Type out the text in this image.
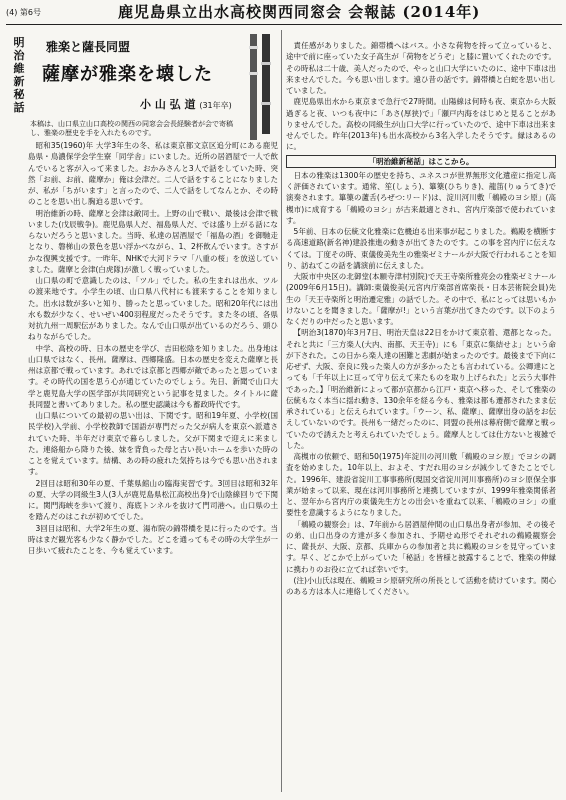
(4) 第6号	鹿児島県立出水高校関西同窓会 会報誌 (2014年)
明
治
維
新
秘
話
雅楽と薩長同盟
薩摩が雅楽を壊した
小 山 弘 道 (31年卒)
本稿は、山口県立山口高校の関西の同窓会会長経験者が会で寄稿し、雅楽の歴史を手を入れたものです。

昭和35(1960)年 大学3年生の冬、私は東京都文京区追分町にある鹿児島県・鳥濃保学会学生寮「同学舎」にいました。近所の居酒屋で一人で飲んでいると客が入って来ました。おかみさんと3人で話をしていた時、突然「お前、お前、薩摩か」俺は会津だ。二人で話をすることになりましたが、私が「ちがいます」と言ったので、二人で話をしてなんとか、その時のことを思い出し胸迫る思いです。

明治維新の時、薩摩と会津は敵同士。上野の山で戦い、最後は会津で戦いました(戊辰戦争)。鹿児島県人だ、福島県人だ、では盛り上がる話にならないだろうと思いました。当時、私達の居酒屋で「福島の酒」を御馳走となり、磐梯山の景色を思い浮かべながら、1、2杯飲んでいます。さすがかな復興支援です。一昨年、NHKで大河ドラマ「八重の桜」を放送していました。薩摩と会津(白虎隊)が激しく戦っていました。

山口県の町で意識したのは、「ツル」でした。私の生まれは出水、ツルの渡来地です。小学生の頃、山口県八代村にも渡来することを知りました。出水は数が多いと知り、勝ったと思っていました。昭和20年代には出水も数が少なく、せいぜい400羽程度だったそうです。また冬の頃、各県対抗九州一周駅伝がありました。なんで山口県が出ているのだろう、頭ひねりながらでした。

中学、高校の時、日本の歴史を学び、吉田松陰を知りました。出身地は山口県ではなく、長州。薩摩は、西郷隆盛。日本の歴史を変えた薩摩と長州は京都で戦っています。あれでは京都と西郷が敵であったと思っています。その時代の国を思う心が通じていたのでしょう。先日、新聞で山口大学と鹿児島大学の医学部が共同研究という記事を見ました。タイトルに薩長同盟と書いてありました。私の歴史認識は今も蓄政時代です。

山口県についての最初の思い出は、下関です。昭和19年夏、小学校(国民学校)入学前、小学校教師で国語が専門だった父が病人を東京へ派遣されていた時、半年だけ東京で暮らしました。父が下関まで迎えに来ました。連絡船から降りた後、妹を背負った母と古い長いホームを歩いた時のことを覚えています。結構、あの時の疲れた気持ちは今でも思い出されます。

2回目は昭和30年の夏、千葉県館山の臨海実習です。3回目は昭和32年の夏、大学の同級生3人(3人が鹿児島県松江高校出身)で山陰線回りで下関に。関門海峡を歩いて渡り、海底トンネルを抜けて門司港へ。山口県の土を踏んだのはこれが初めてでした。

3回目は昭和、大学2年生の夏、湯布院の錦帯橋を見に行ったのです。当時はまだ観光客も少なく静かでした。どこを通ってもその時の大学生が一日歩いて疲れたことを、今も覚えています。

責任感がありました。錦帯橋へはバス。小さな荷物を持って立っていると、途中で前に座っていた女子高生が「荷物をどうぞ」と膝に置いてくれたのです。その時私は二十歳、美人だったので、やっと山口大学にいたのに、途中下車は出来ませんでした。今も思い出します。遠ひ昔の話です。錦帯橋と白蛇を思い出していました。

鹿児島県出水から東京まで急行で27時間。山陽線は何時も夜、東京から大阪過ぎると夜、いつも夜中に「あさ(厚狭)で」「瀬戸内海をはじめと見ることがありませんでした。高校の同級生が山口大学に行っていたので、途中下車は出来ませんでした。昨年(2013年)も出水高校から3名入学したそうです。縁はあるのに。

「明治維新秘話」はここから。

日本の雅楽は1300年の歴史を持ち、ユネスコが世界無形文化遺産に指定し高く評価されています。通常、笙(しょう)、篳篥(ひちりき)、龍笛(りゅうてき)で演奏されます。篳篥の蘆舌(ろぜつ:リード)は、淀川河川敷「鵜殿のヨシ原」(高槻市)に成育する「鵜殿のヨシ」が古来最適とされ、宮内庁楽部で使われています。

5年前、日本の伝統文化雅楽に危機迫る出来事が起こりました。鵜殿を横断する高速道路(新名神)建設推進の動きが出てきたのです。この事を宮内庁に伝えなくては。丁度その時、東儀俊美先生の雅楽ゼミナールが大阪で行われることを知り、訪ねてこの話を講演前に伝えました。

大阪市中央区の北御堂(本願寺津村別院)で天王寺楽所雅亮会の雅楽ゼミナール(2009年6月15日)。講師:東儀俊美(元宮内庁楽部首席楽長・日本芸術院会員)先生の「天王寺楽所と明治遷定雅」の話でした。その中で、私にとっては思いもかけないことを聞きました。「薩摩が!」という言葉が出てきたのです。以下のようなくだりの中だったと思います。

【明治3(1870)年3月7日、明治天皇は22日をかけて東京着、還都となった。それと共に「三方楽人(大内、南都、天王寺)」にも「東京に集結せよ」という命が下された。この日から楽人達の困難と悲劇が始まったのです。最後まで下向に応ぜず、大阪、奈良に残った楽人の方が多かったとも言われている。公卿達にとっても「千年以上に亘って守り伝えて来たものを取り上げられた」と云う大事件であった。】「明治維新によって都が京都から江戸・東京へ移った、そして雅楽の伝統もなく本当に揺れ動き、130余年を経る今も、雅楽は都も遷都されたまま伝承されている」と伝えられています。「ウーン、私、薩摩」、薩摩出身の話をお伝えしていないのです。長州も一緒だったのに、同盟の長州は幕府側で薩摩と戦っていたので誘えたと考えられていたでしょう。薩摩人としては仕方ないと複雑でした。

高槻市の依頼で、昭和50(1975)年淀川の河川敷「鵜殿のヨシ原」でヨシの調査を始めました。10年以上、およそ、すだれ用のヨシが減少してきたことでした。1996年、建設省淀川工事事務所(現国交省淀川河川事務所)のヨシ原保全事業が始まって以来、現在は河川事務所と連携していますが、1999年雅楽関係者と、翌年から宮内庁の東儀先生方との出会いを重ねて以来、「鵜殿のヨシ」の重要性を意識するようになりました。

「鵜殿の観察会」は、7年前から居酒屋仲間の山口県出身者が参加、その後その弟、山口出身の方達が多く参加され、予期せぬ形でそれぞれの鵜殿観察会に、薩長が、大阪、京都、兵庫からの参加者と共に鵜殿のヨシを見守っています。早く、どこかで上がっていた「秘話」を皆様と披露することで、雅楽の伸縁に携わりのお役に立てれば幸いです。

(注)小山氏は現在、鵜殿ヨシ原研究所の所長として活動を続けています。関心のある方は本人に連絡してください。
